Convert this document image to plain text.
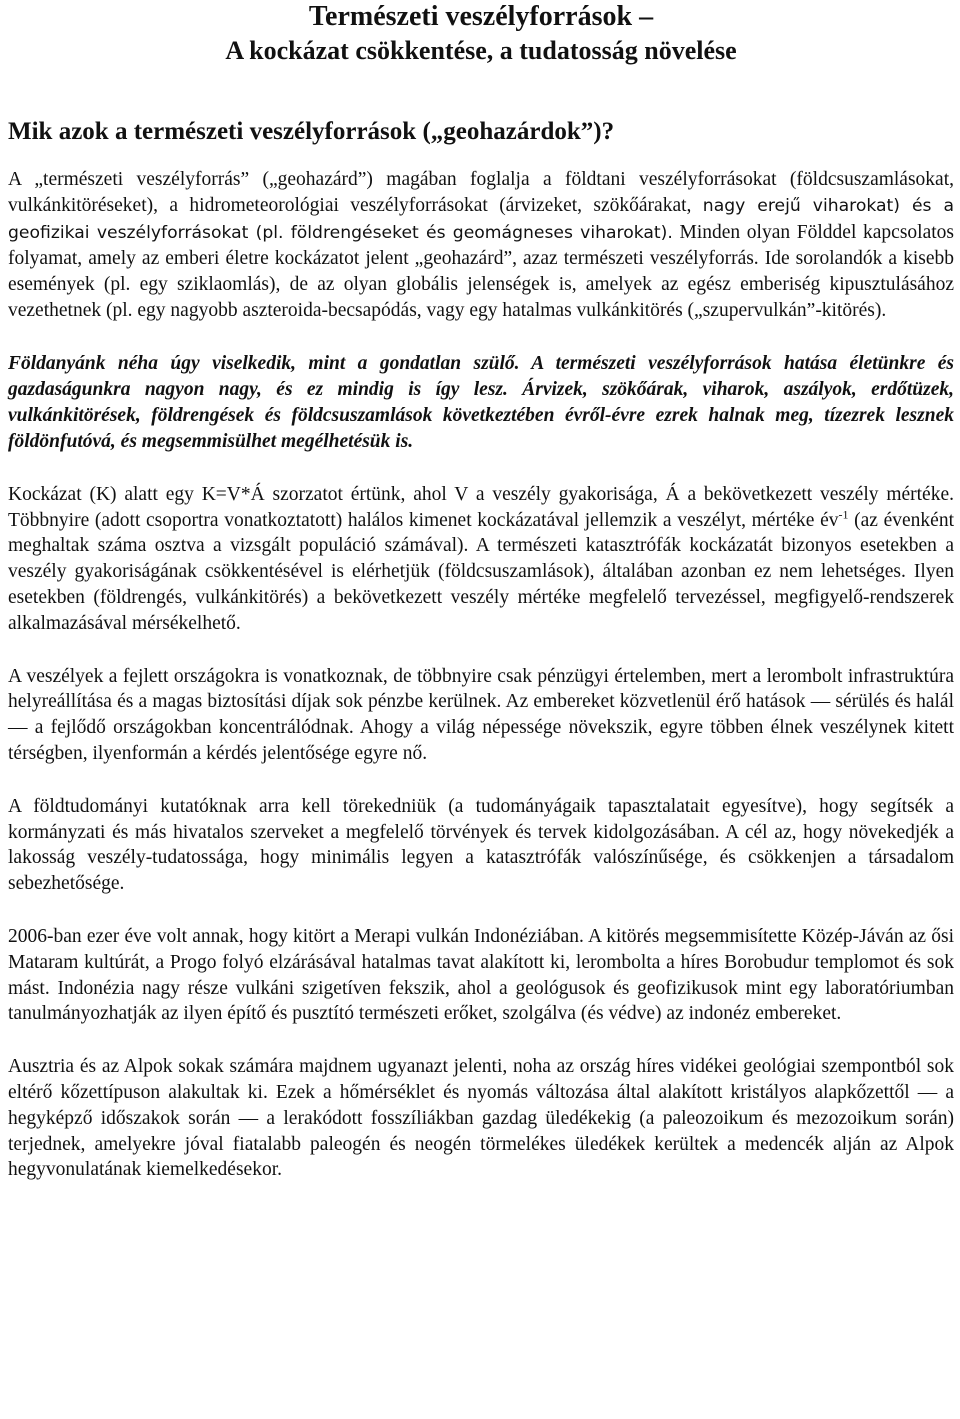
Természeti veszélyforrások –
A kockázat csökkentése, a tudatosság növelése
Mik azok a természeti veszélyforrások („geohazárdok”)?

A „természeti veszélyforrás” („geohazárd”) magában foglalja a földtani veszélyforrásokat (földcsuszamlásokat, vulkánkitöréseket), a hidrometeorológiai veszélyforrásokat (árvizeket, szökőárakat, nagy erejű viharokat) és a geofizikai veszélyforrásokat (pl. földrengéseket és geomágneses viharokat). Minden olyan Földdel kapcsolatos folyamat, amely az emberi életre kockázatot jelent „geohazárd”, azaz természeti veszélyforrás. Ide sorolandók a kisebb események (pl. egy sziklaomlás), de az olyan globális jelenségek is, amelyek az egész emberiség kipusztulásához vezethetnek (pl. egy nagyobb aszteroida-becsapódás, vagy egy hatalmas vulkánkitörés („szupervulkán”-kitörés).

Földanyánk néha úgy viselkedik, mint a gondatlan szülő. A természeti veszélyforrások hatása életünkre és gazdaságunkra nagyon nagy, és ez mindig is így lesz. Árvizek, szökőárak, viharok, aszályok, erdőtüzek, vulkánkitörések, földrengések és földcsuszamlások következtében évről-évre ezrek halnak meg, tízezrek lesznek földönfutóvá, és megsemmisülhet megélhetésük is.

Kockázat (K) alatt egy K=V*Á szorzatot értünk, ahol V a veszély gyakorisága, Á a bekövetkezett veszély mértéke. Többnyire (adott csoportra vonatkoztatott) halálos kimenet kockázatával jellemzik a veszélyt, mértéke $év^{-1}$ (az évenként meghaltak száma osztva a vizsgált populáció számával). A természeti katasztrófák kockázatát bizonyos esetekben a veszély gyakoriságának csökkentésével is elérhetjük (földcsuszamlások), általában azonban ez nem lehetséges. Ilyen esetekben (földrengés, vulkánkitörés) a bekövetkezett veszély mértéke megfelelő tervezéssel, megfigyelő-rendszerek alkalmazásával mérsékelhető.

A veszélyek a fejlett országokra is vonatkoznak, de többnyire csak pénzügyi értelemben, mert a lerombolt infrastruktúra helyreállítása és a magas biztosítási díjak sok pénzbe kerülnek. Az embereket közvetlenül érő hatások — sérülés és halál — a fejlődő országokban koncentrálódnak. Ahogy a világ népessége növekszik, egyre többen élnek veszélynek kitett térségben, ilyenformán a kérdés jelentősége egyre nő.

A földtudományi kutatóknak arra kell törekedniük (a tudományágaik tapasztalatait egyesítve), hogy segítsék a kormányzati és más hivatalos szerveket a megfelelő törvények és tervek kidolgozásában. A cél az, hogy növekedjék a lakosság veszély-tudatossága, hogy minimális legyen a katasztrófák valószínűsége, és csökkenjen a társadalom sebezhetősége.

2006-ban ezer éve volt annak, hogy kitört a Merapi vulkán Indonéziában. A kitörés megsemmisítette Közép-Jáván az ősi Mataram kultúrát, a Progo folyó elzárásával hatalmas tavat alakított ki, lerombolta a híres Borobudur templomot és sok mást. Indonézia nagy része vulkáni szigetíven fekszik, ahol a geológusok és geofizikusok mint egy laboratóriumban tanulmányozhatják az ilyen építő és pusztító természeti erőket, szolgálva (és védve) az indonéz embereket.

Ausztria és az Alpok sokak számára majdnem ugyanazt jelenti, noha az ország híres vidékei geológiai szempontból sok eltérő kőzettípuson alakultak ki. Ezek a hőmérséklet és nyomás változása által alakított kristályos alapkőzettől — a hegyképző időszakok során — a lerakódott fosszíliákban gazdag üledékekig (a paleozoikum és mezozoikum során) terjednek, amelyekre jóval fiatalabb paleogén és neogén törmelékes üledékek kerültek a medencék alján az Alpok hegyvonulatának kiemelkedésekor.
